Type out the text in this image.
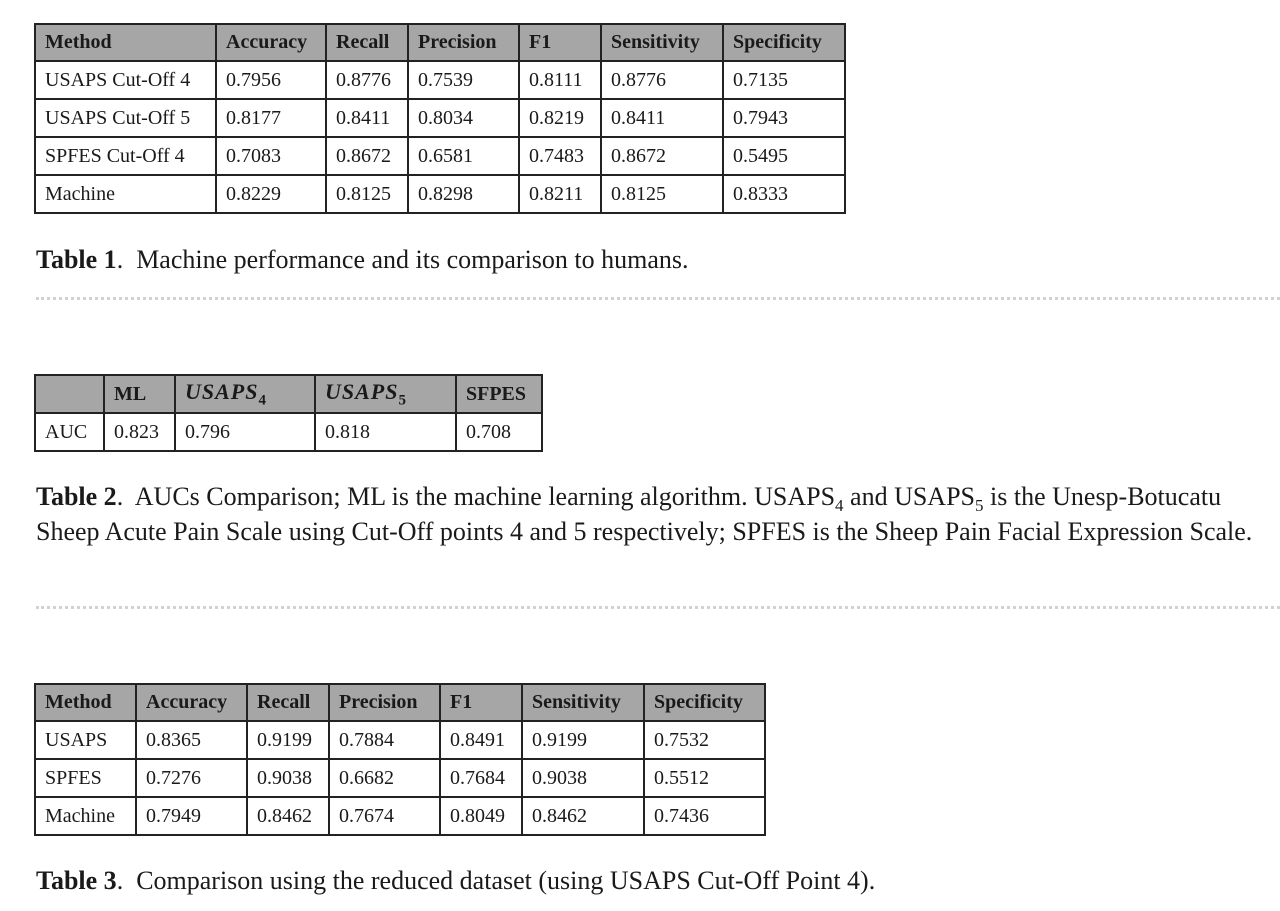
Method	Accuracy	Recall	Precision	F1	Sensitivity	Specificity
USAPS Cut-Off 4	0.7956	0.8776	0.7539	0.8111	0.8776	0.7135
USAPS Cut-Off 5	0.8177	0.8411	0.8034	0.8219	0.8411	0.7943
SPFES Cut-Off 4	0.7083	0.8672	0.6581	0.7483	0.8672	0.5495
Machine	0.8229	0.8125	0.8298	0.8211	0.8125	0.8333

Table 1.  Machine performance and its comparison to humans.

	ML	$USAPS_4$	$USAPS_5$	SFPES
AUC	0.823	0.796	0.818	0.708

Table 2.  AUCs Comparison; ML is the machine learning algorithm. $USAPS_4$ and $USAPS_5$ is the Unesp-Botucatu Sheep Acute Pain Scale using Cut-Off points 4 and 5 respectively; SPFES is the Sheep Pain Facial Expression Scale.

Method	Accuracy	Recall	Precision	F1	Sensitivity	Specificity
USAPS	0.8365	0.9199	0.7884	0.8491	0.9199	0.7532
SPFES	0.7276	0.9038	0.6682	0.7684	0.9038	0.5512
Machine	0.7949	0.8462	0.7674	0.8049	0.8462	0.7436

Table 3.  Comparison using the reduced dataset (using USAPS Cut-Off Point 4).
